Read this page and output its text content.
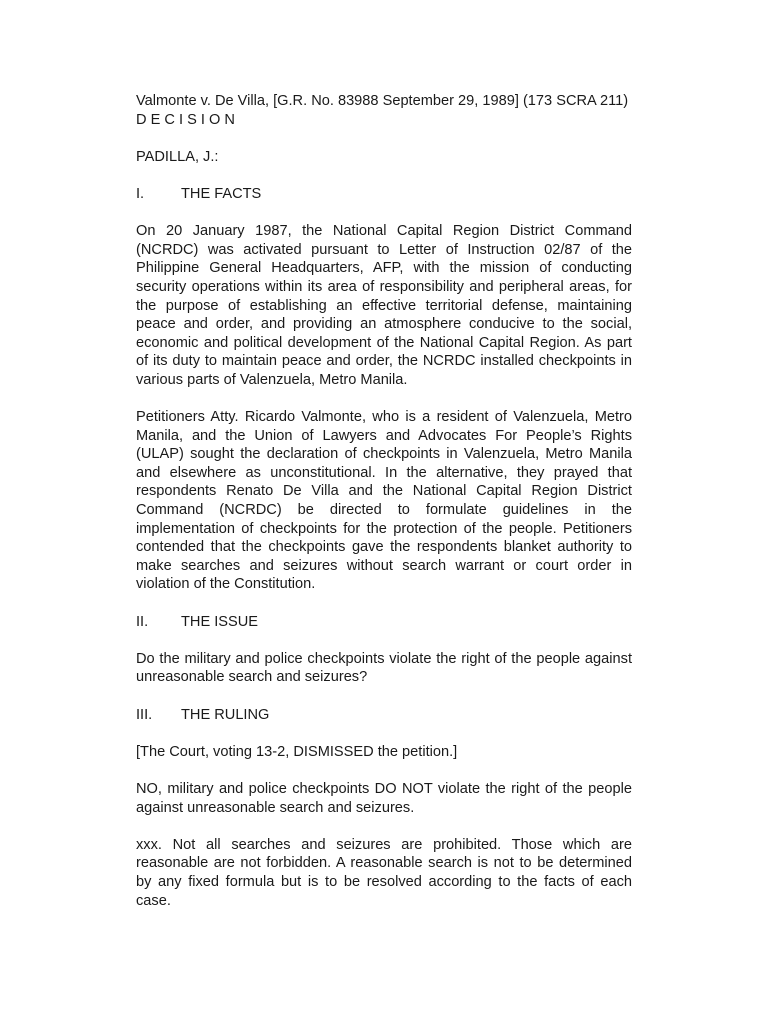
Valmonte v. De Villa, [G.R. No. 83988 September 29, 1989] (173 SCRA 211)

D E C I S I O N

PADILLA, J.:

I.	THE FACTS

On 20 January 1987, the National Capital Region District Command (NCRDC) was activated pursuant to Letter of Instruction 02/87 of the Philippine General Headquarters, AFP, with the mission of conducting security operations within its area of responsibility and peripheral areas, for the purpose of establishing an effective territorial defense, maintaining peace and order, and providing an atmosphere conducive to the social, economic and political development of the National Capital Region. As part of its duty to maintain peace and order, the NCRDC installed checkpoints in various parts of Valenzuela, Metro Manila.

Petitioners Atty. Ricardo Valmonte, who is a resident of Valenzuela, Metro Manila, and the Union of Lawyers and Advocates For People’s Rights (ULAP) sought the declaration of checkpoints in Valenzuela, Metro Manila and elsewhere as unconstitutional. In the alternative, they prayed that respondents Renato De Villa and the National Capital Region District Command (NCRDC) be directed to formulate guidelines in the implementation of checkpoints for the protection of the people. Petitioners contended that the checkpoints gave the respondents blanket authority to make searches and seizures without search warrant or court order in violation of the Constitution.

II.	THE ISSUE

Do the military and police checkpoints violate the right of the people against unreasonable search and seizures?

III.	THE RULING

[The Court, voting 13-2, DISMISSED the petition.]

NO, military and police checkpoints DO NOT violate the right of the people against unreasonable search and seizures.

xxx. Not all searches and seizures are prohibited. Those which are reasonable are not forbidden. A reasonable search is not to be determined by any fixed formula but is to be resolved according to the facts of each case.
